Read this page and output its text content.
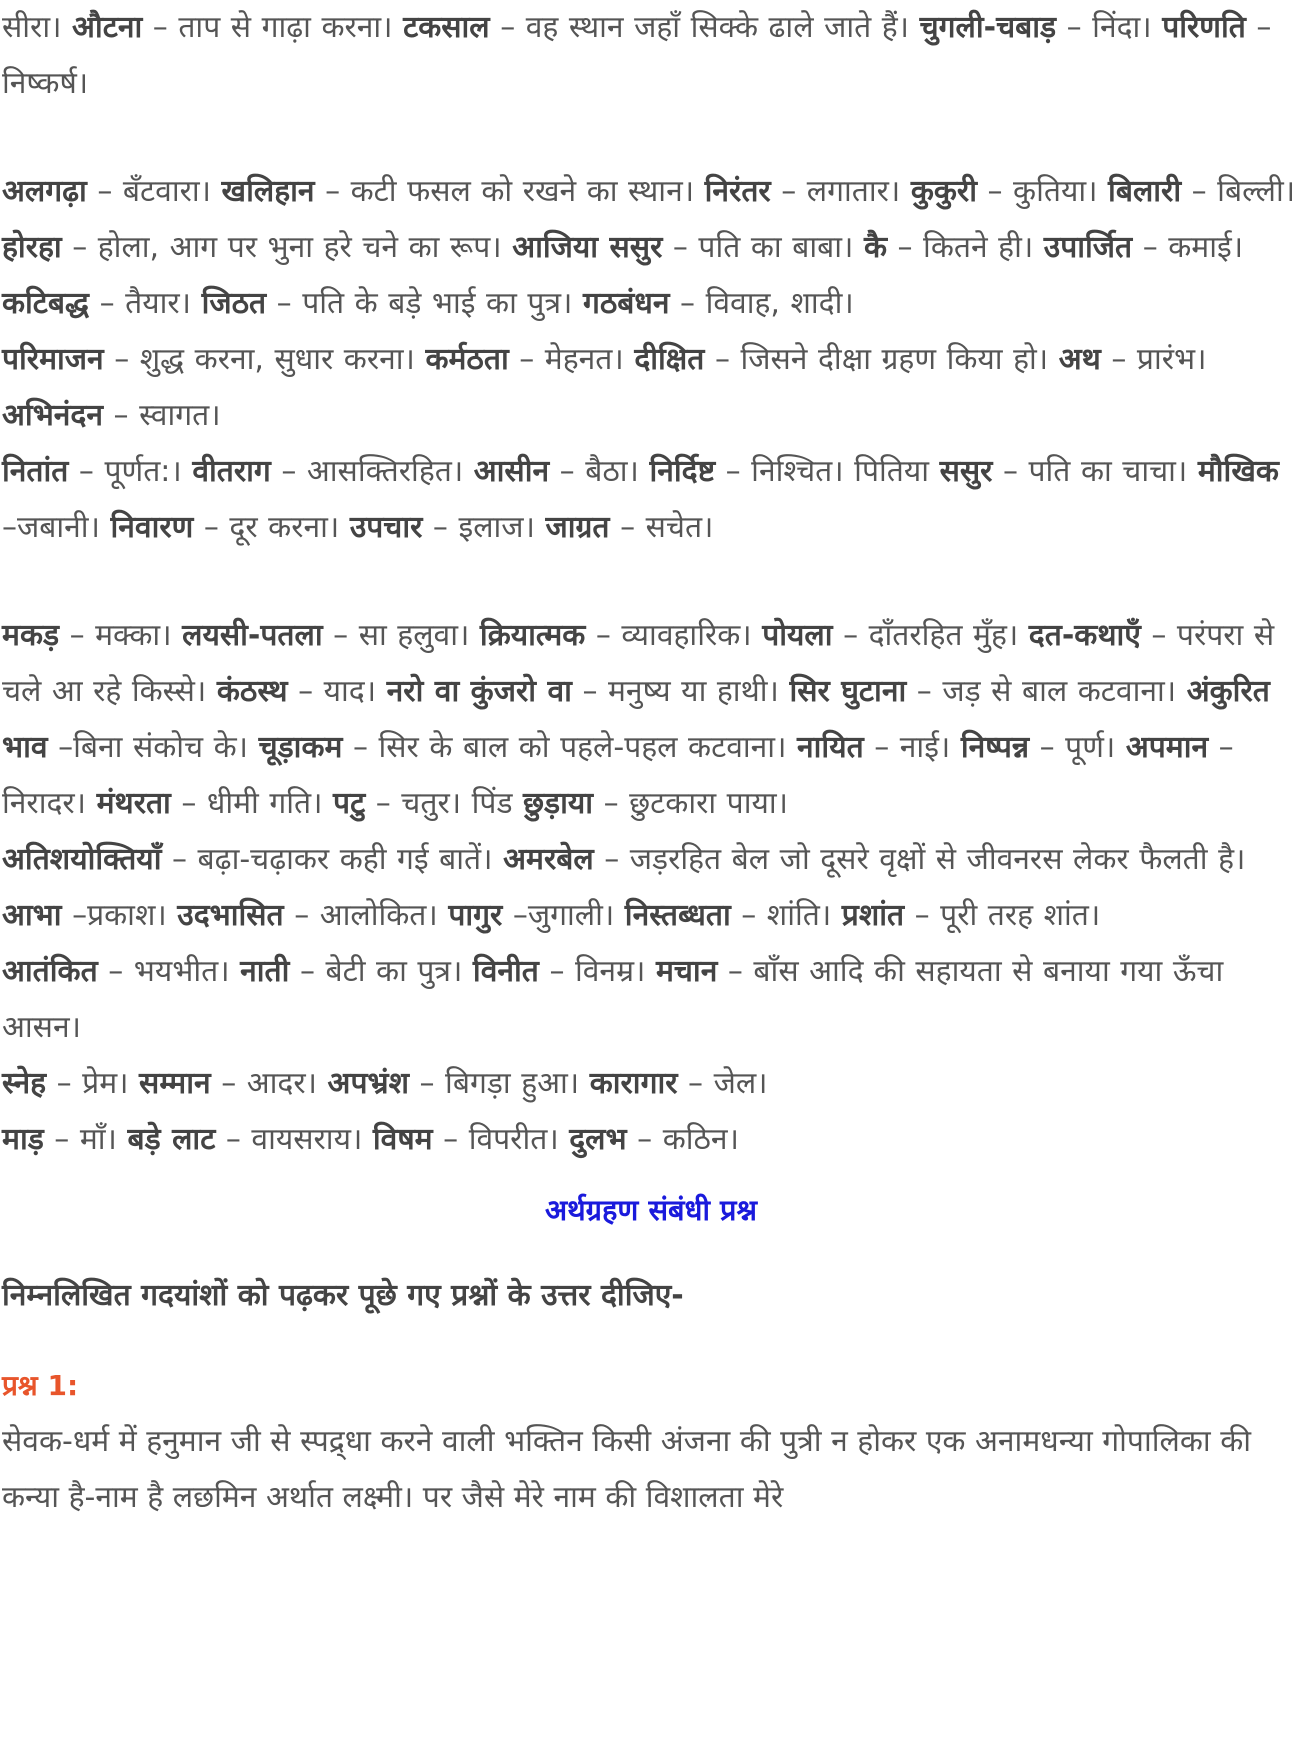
सीरा। औटना – ताप से गाढ़ा करना। टकसाल – वह स्थान जहाँ सिक्के ढाले जाते हैं। चुगली-चबाड़ – निंदा। परिणति – निष्कर्ष।

अलगढ़ा – बँटवारा। खलिहान – कटी फसल को रखने का स्थान। निरंतर – लगातार। कुकुरी – कुतिया। बिलारी – बिल्ली। होरहा – होला, आग पर भुना हरे चने का रूप। आजिया ससुर – पति का बाबा। कै – कितने ही। उपार्जित – कमाई। कटिबद्ध – तैयार। जिठत – पति के बड़े भाई का पुत्र। गठबंधन – विवाह, शादी।

परिमाजन – शुद्ध करना, सुधार करना। कर्मठता – मेहनत। दीक्षित – जिसने दीक्षा ग्रहण किया हो। अथ – प्रारंभ। अभिनंदन – स्वागत।

नितांत – पूर्णत:। वीतराग – आसक्तिरहित। आसीन – बैठा। निर्दिष्ट – निश्चित। पितिया ससुर – पति का चाचा। मौखिक –जबानी। निवारण – दूर करना। उपचार – इलाज। जाग्रत – सचेत।

मकड़ – मक्का। लयसी-पतला – सा हलुवा। क्रियात्मक – व्यावहारिक। पोयला – दाँतरहित मुँह। दत-कथाएँ – परंपरा से चले आ रहे किस्से। कंठस्थ – याद। नरो वा कुंजरो वा – मनुष्य या हाथी। सिर घुटाना – जड़ से बाल कटवाना। अंकुरित भाव –बिना संकोच के। चूड़ाकम – सिर के बाल को पहले-पहल कटवाना। नायित – नाई। निष्पन्न – पूर्ण। अपमान – निरादर। मंथरता – धीमी गति। पटु – चतुर। पिंड छुड़ाया – छुटकारा पाया।

अतिशयोक्तियाँ – बढ़ा-चढ़ाकर कही गई बातें। अमरबेल – जड़रहित बेल जो दूसरे वृक्षों से जीवनरस लेकर फैलती है। आभा –प्रकाश। उदभासित – आलोकित। पागुर –जुगाली। निस्तब्धता – शांति। प्रशांत – पूरी तरह शांत।

आतंकित – भयभीत। नाती – बेटी का पुत्र। विनीत – विनम्र। मचान – बाँस आदि की सहायता से बनाया गया ऊँचा आसन।

स्नेह – प्रेम। सम्मान – आदर। अपभ्रंश – बिगड़ा हुआ। कारागार – जेल।

माड़ – माँ। बड़े लाट – वायसराय। विषम – विपरीत। दुलभ – कठिन।

अर्थग्रहण संबंधी प्रश्न
निम्नलिखित गदयांशों को पढ़कर पूछे गए प्रश्नों के उत्तर दीजिए-
प्रश्न 1:

सेवक-धर्म में हनुमान जी से स्पद्र्धा करने वाली भक्तिन किसी अंजना की पुत्री न होकर एक अनामधन्या गोपालिका की कन्या है-नाम है लछमिन अर्थात लक्ष्मी। पर जैसे मेरे नाम की विशालता मेरे
